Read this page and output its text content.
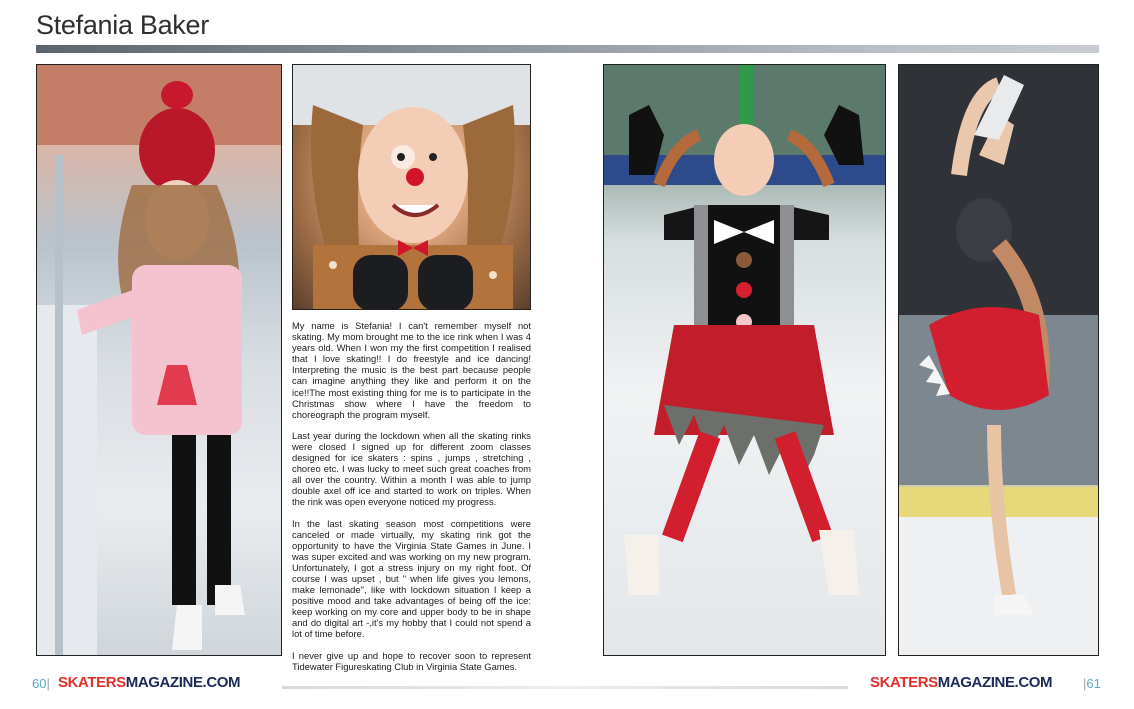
Stefania Baker

My name is Stefania! I can't remember myself not skating. My mom brought me to the ice rink when I was 4 years old. When I won my the first competition I realised that I love skating!! I do freestyle and ice dancing! Interpreting the music is the best part because people can imagine anything they like and perform it on the ice!!The most existing thing for me is to participate in the Christmas show where I have the freedom to choreograph the program myself.

Last year during the lockdown when all the skating rinks were closed I signed up for different zoom classes designed for ice skaters : spins , jumps , stretching , choreo etc. I was lucky to meet such great coaches from all over the country. Within a month I was able to jump double axel off ice and started to work on triples. When the rink was open everyone noticed my progress.

In the last skating season most competitions were canceled or made virtually, my skating rink got the opportunity to have the Virginia State Games in June. I was super excited and was working on my new program. Unfortunately, I got a stress injury on my right foot. Of course I was upset , but " when life gives you lemons, make lemonade", like with lockdown situation I keep a positive mood and take advantages of being off the ice: keep working on my core and upper body to be in shape and do digital art -,it's my hobby that I could not spend a lot of time before.

I never give up and hope to recover soon to represent Tidewater Figureskating Club in Virginia State Games.

60| SKATERSMAGAZINE.COM	SKATERSMAGAZINE.COM |61
